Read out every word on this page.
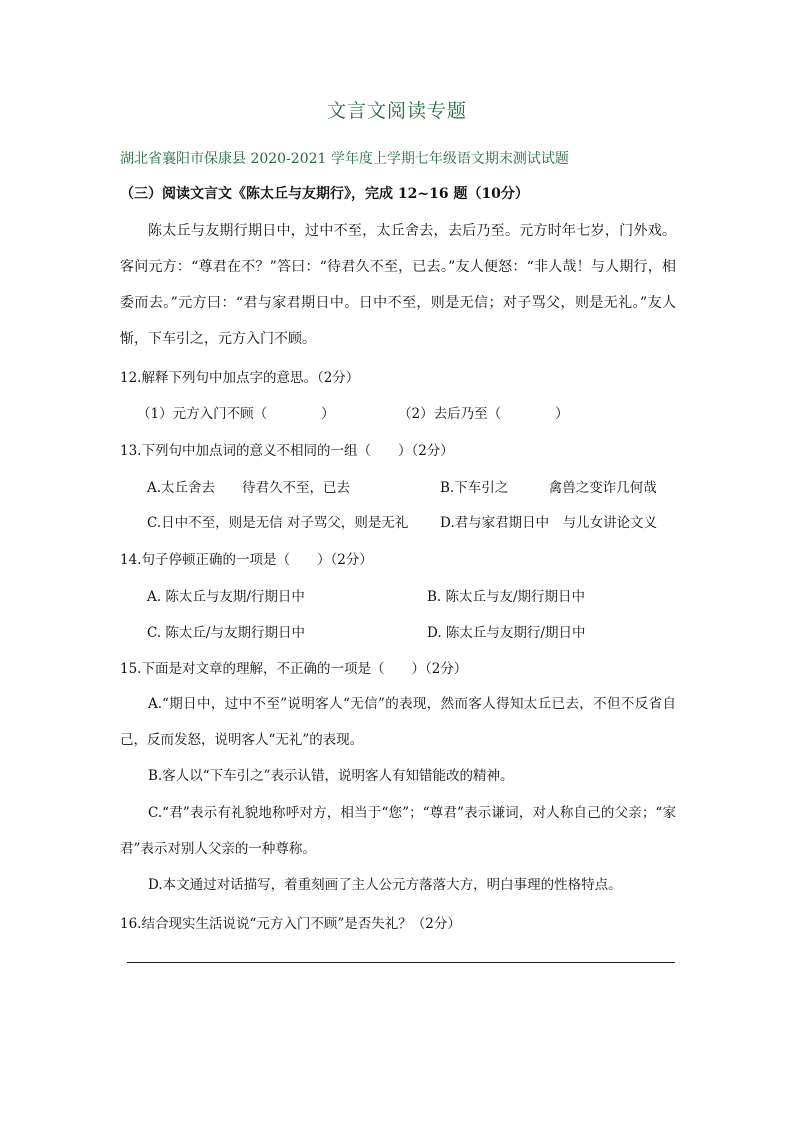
文言文阅读专题
湖北省襄阳市保康县 2020-2021 学年度上学期七年级语文期末测试试题
（三）阅读文言文《陈太丘与友期行》，完成 12~16 题（10分）
陈太丘与友期行期日中，过中不至，太丘舍去，去后乃至。元方时年七岁，门外戏。客问元方：“尊君在不？”答曰：“待君久不至，已去。”友人便怒：“非人哉！与人期行，相委而去。”元方曰：“君与家君期日中。日中不至，则是无信；对子骂父，则是无礼。”友人惭，下车引之，元方入门不顾。
12.解释下列句中加点字的意思。（2分）
（1）元方入门不顾（　　　　）	（2）去后乃至（　　　　）
13.下列句中加点词的意义不相同的一组（　　）（2分）
A.太丘舍去　　待君久不至，已去	B.下车引之　　　禽兽之变诈几何哉
C.日中不至，则是无信 对子骂父，则是无礼 D.君与家君期日中　与儿女讲论文义
14.句子停顿正确的一项是（　　）（2分）
A. 陈太丘与友期/行期日中	B. 陈太丘与友/期行期日中
C. 陈太丘/与友期行期日中	D. 陈太丘与友期行/期日中
15.下面是对文章的理解，不正确的一项是（　　）（2分）
A.“期日中，过中不至”说明客人“无信”的表现，然而客人得知太丘已去，不但不反省自己，反而发怒，说明客人“无礼”的表现。
B.客人以“下车引之”表示认错，说明客人有知错能改的精神。
C.“君”表示有礼貌地称呼对方，相当于“您”；“尊君”表示谦词，对人称自己的父亲；“家君”表示对别人父亲的一种尊称。
D.本文通过对话描写，着重刻画了主人公元方落落大方，明白事理的性格特点。
16.结合现实生活说说“元方入门不顾”是否失礼？（2分）
